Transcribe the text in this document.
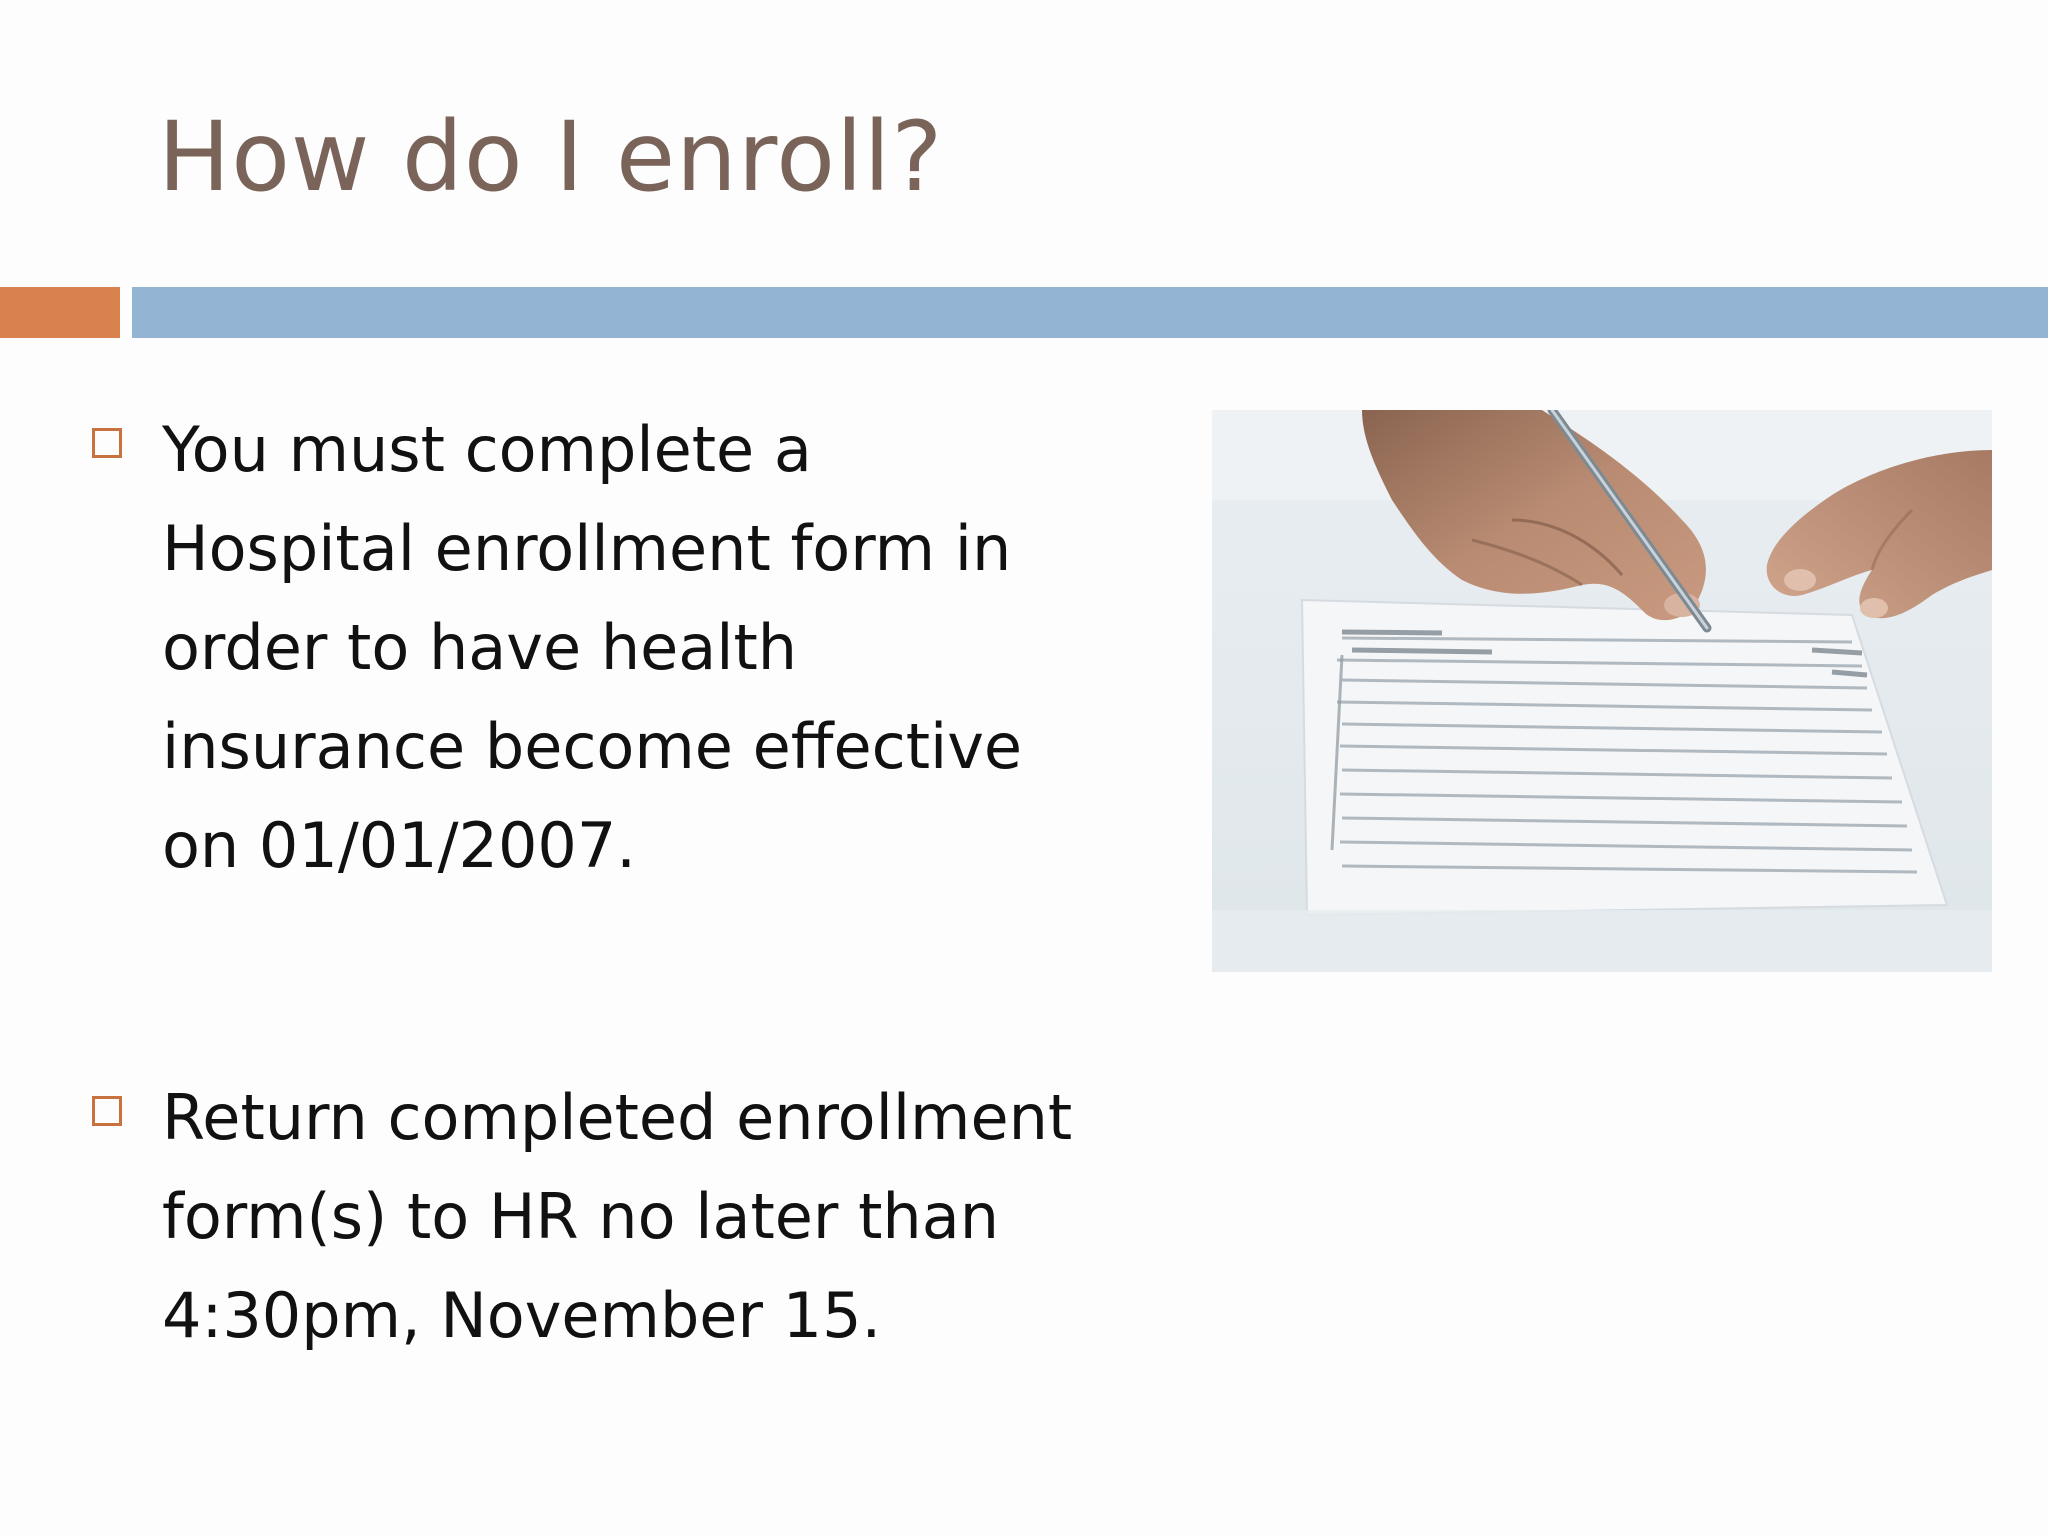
How do I enroll?
You must complete a
Hospital enrollment form in
order to have health
insurance become effective
on 01/01/2007.
Return completed enrollment
form(s) to HR no later than
4:30pm, November 15.
